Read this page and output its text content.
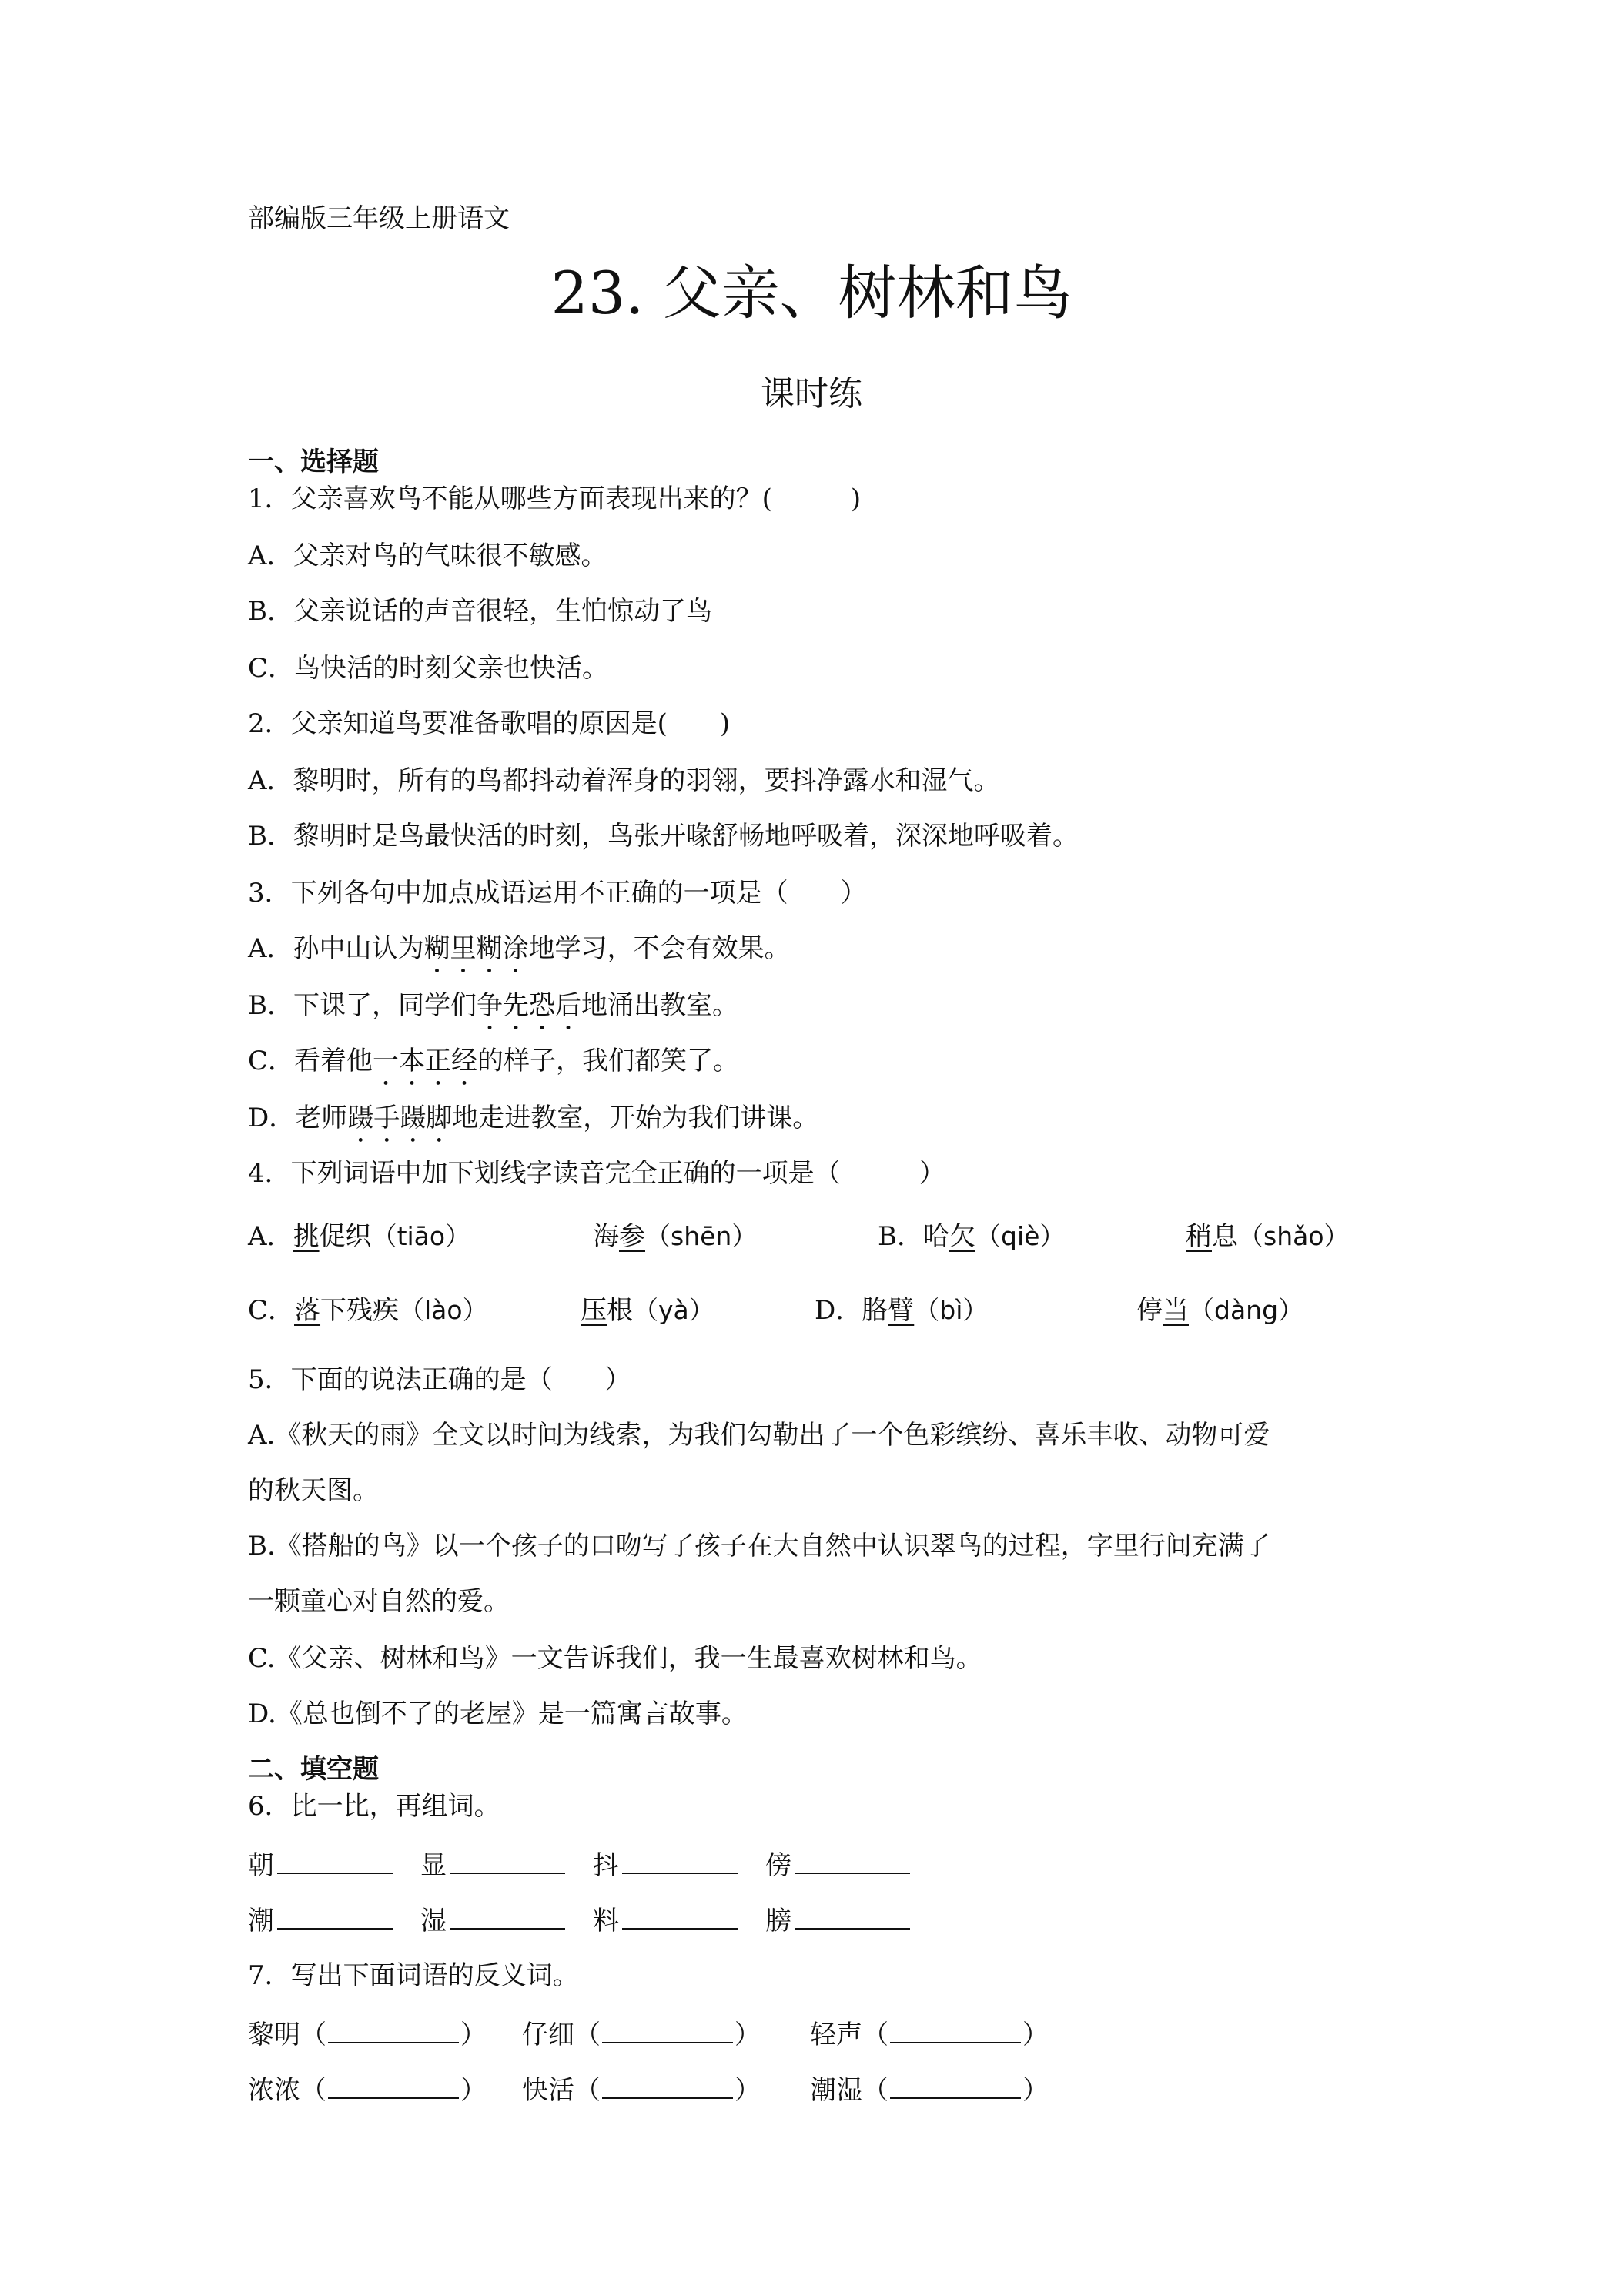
部编版三年级上册语文
23. 父亲、树林和鸟
课时练
一、选择题
1．父亲喜欢鸟不能从哪些方面表现出来的？(　　　)
A．父亲对鸟的气味很不敏感。
B．父亲说话的声音很轻，生怕惊动了鸟
C．鸟快活的时刻父亲也快活。
2．父亲知道鸟要准备歌唱的原因是(　　)
A．黎明时，所有的鸟都抖动着浑身的羽翎，要抖净露水和湿气。
B．黎明时是鸟最快活的时刻，鸟张开喙舒畅地呼吸着，深深地呼吸着。
3．下列各句中加点成语运用不正确的一项是（　　）
A．孙中山认为糊里糊涂地学习，不会有效果。
B．下课了，同学们争先恐后地涌出教室。
C．看着他一本正经的样子，我们都笑了。
D．老师蹑手蹑脚地走进教室，开始为我们讲课。
4．下列词语中加下划线字读音完全正确的一项是（　　　）
A．挑促织（tiāo）	海参（shēn）	B．哈欠（qiè）	稍息（shǎo）
C．落下残疾（lào）	压根（yà）	D．胳臂（bì）	停当（dàng）
5．下面的说法正确的是（　　）
A.《秋天的雨》全文以时间为线索，为我们勾勒出了一个色彩缤纷、喜乐丰收、动物可爱
的秋天图。
B.《搭船的鸟》以一个孩子的口吻写了孩子在大自然中认识翠鸟的过程，字里行间充满了
一颗童心对自然的爱。
C.《父亲、树林和鸟》一文告诉我们，我一生最喜欢树林和鸟。
D.《总也倒不了的老屋》是一篇寓言故事。
二、填空题
6．比一比，再组词。
朝	显	抖	傍
潮	湿	料	膀
7．写出下面词语的反义词。
黎明（	） 仔细（	） 轻声（	）
浓浓（	） 快活（	） 潮湿（	）
